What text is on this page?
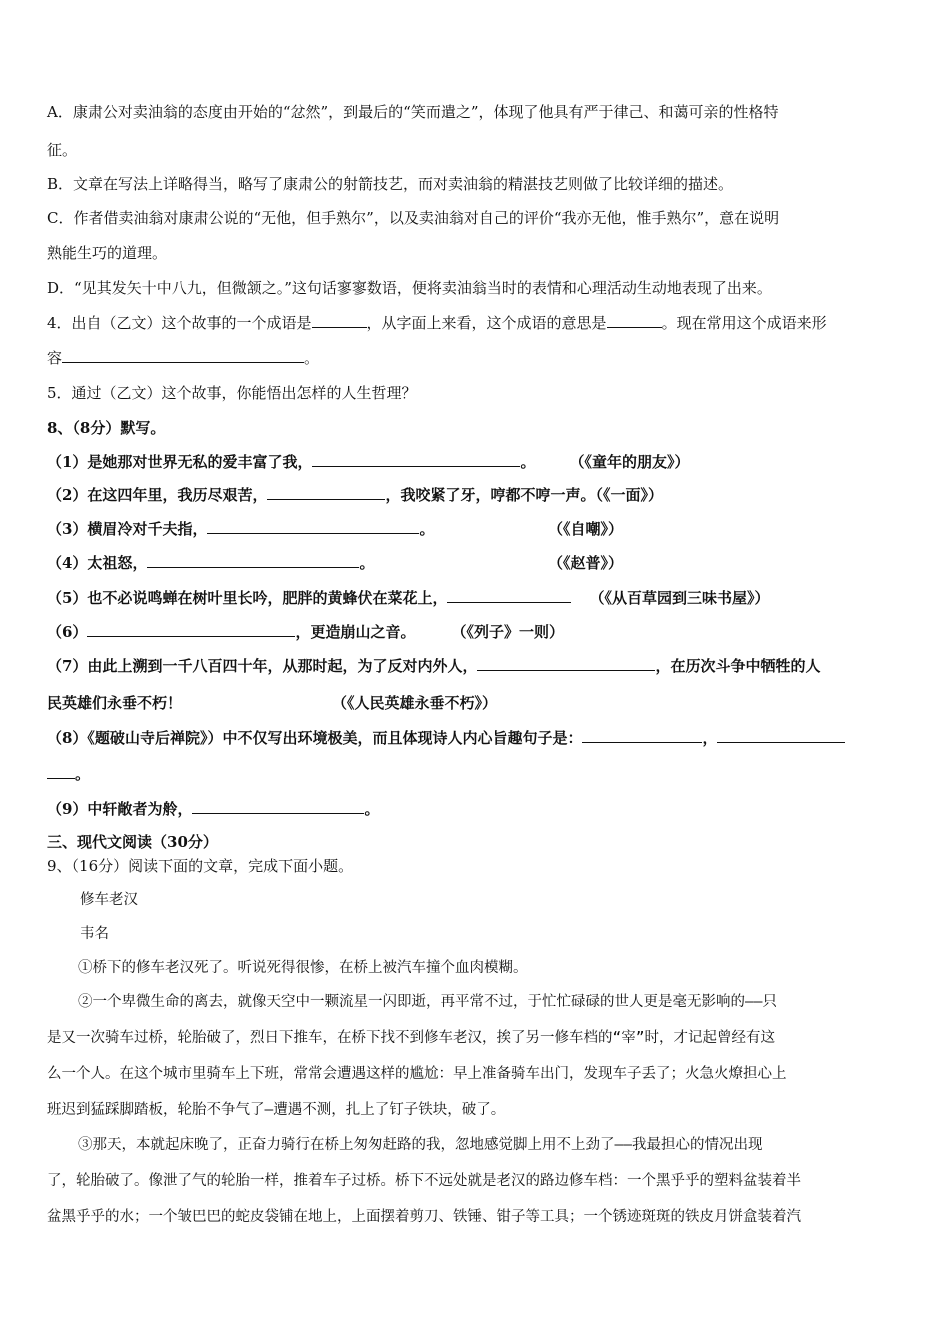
A．康肃公对卖油翁的态度由开始的“忿然”，到最后的“笑而遣之”，体现了他具有严于律己、和蔼可亲的性格特
征。
B．文章在写法上详略得当，略写了康肃公的射箭技艺，而对卖油翁的精湛技艺则做了比较详细的描述。
C．作者借卖油翁对康肃公说的“无他，但手熟尔”，以及卖油翁对自己的评价“我亦无他，惟手熟尔”，意在说明
熟能生巧的道理。
D．“见其发矢十中八九，但微颔之。”这句话寥寥数语，便将卖油翁当时的表情和心理活动生动地表现了出来。
4．出自（乙文）这个故事的一个成语是	，从字面上来看，这个成语的意思是	。现在常用这个成语来形
容	。
5．通过（乙文）这个故事，你能悟出怎样的人生哲理？
8、（8分）默写。
（1）是她那对世界无私的爱丰富了我，	。 （《童年的朋友》）
（2）在这四年里，我历尽艰苦，	，我咬紧了牙，哼都不哼一声。（《一面》）
（3）横眉冷对千夫指，	。	（《自嘲》）
（4）太祖怒，	。	（《赵普》）
（5）也不必说鸣蝉在树叶里长吟，肥胖的黄蜂伏在菜花上，	（《从百草园到三味书屋》）
（6）	，更造崩山之音。 （《列子》一则）
（7）由此上溯到一千八百四十年，从那时起，为了反对内外人，	，在历次斗争中牺牲的人
民英雄们永垂不朽！	（《人民英雄永垂不朽》）
（8）《题破山寺后禅院》）中不仅写出环境极美，而且体现诗人内心旨趣句子是：	，
。
（9）中轩敞者为舲，	。
三、现代文阅读（30分）
9、（16分）阅读下面的文章，完成下面小题。
修车老汉
韦名
①桥下的修车老汉死了。听说死得很惨，在桥上被汽车撞个血肉模糊。
②一个卑微生命的离去，就像天空中一颗流星一闪即逝，再平常不过，于忙忙碌碌的世人更是毫无影响的——只
是又一次骑车过桥，轮胎破了，烈日下推车，在桥下找不到修车老汉，挨了另一修车档的“宰”时，才记起曾经有这
么一个人。在这个城市里骑车上下班，常常会遭遇这样的尴尬：早上准备骑车出门，发现车子丢了；火急火燎担心上
班迟到猛踩脚踏板，轮胎不争气了—遭遇不测，扎上了钉子铁块，破了。
③那天，本就起床晚了，正奋力骑行在桥上匆匆赶路的我，忽地感觉脚上用不上劲了——我最担心的情况出现
了，轮胎破了。像泄了气的轮胎一样，推着车子过桥。桥下不远处就是老汉的路边修车档：一个黑乎乎的塑料盆装着半
盆黑乎乎的水；一个皱巴巴的蛇皮袋铺在地上，上面摆着剪刀、铁锤、钳子等工具；一个锈迹斑斑的铁皮月饼盒装着汽
